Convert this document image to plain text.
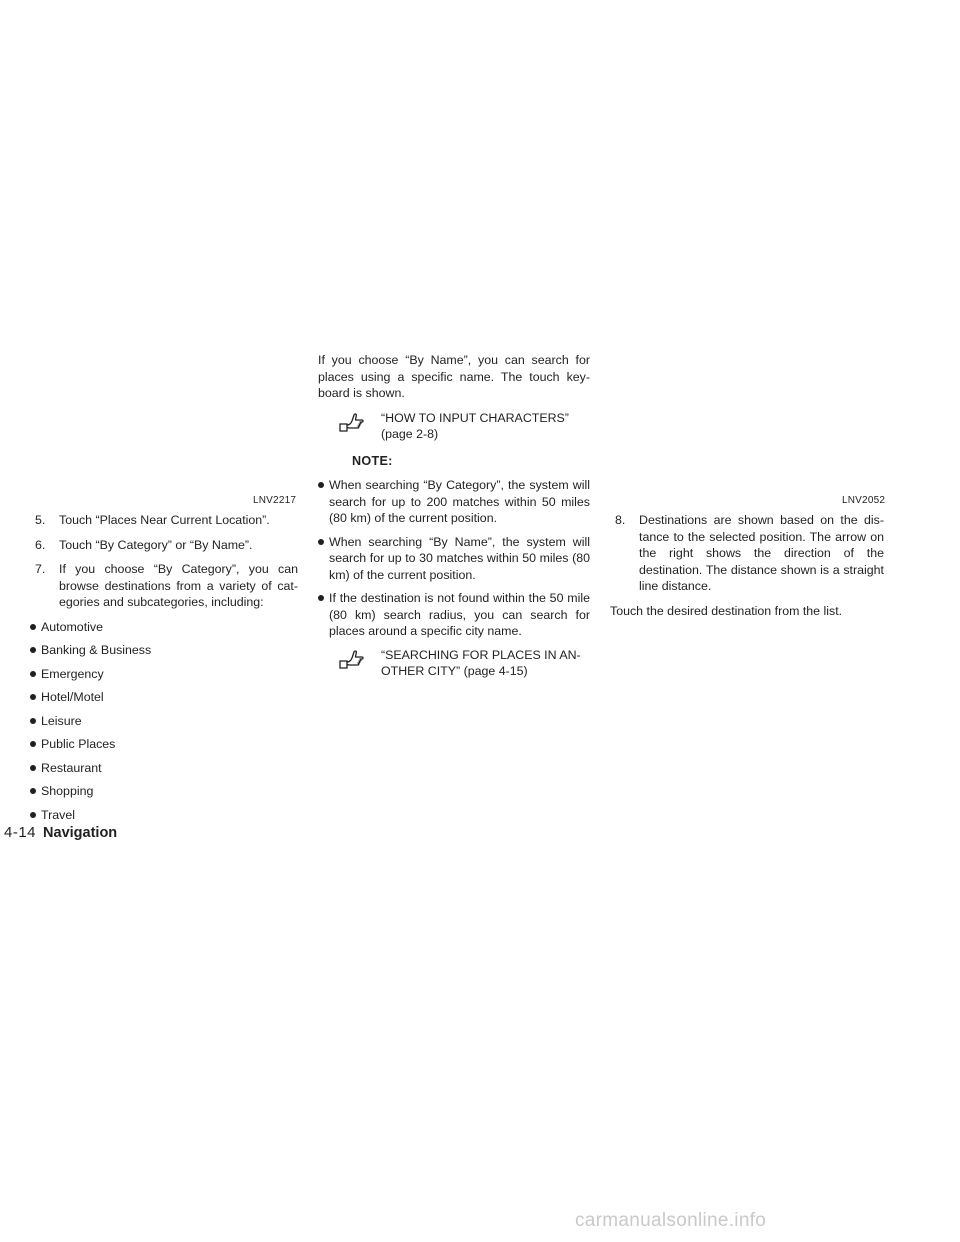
LNV2217	LNV2052
5. Touch “Places Near Current Location”.
6. Touch “By Category” or “By Name”.
7. If you choose “By Category”, you can browse destinations from a variety of cat-egories and subcategories, including:
Automotive
Banking & Business
Emergency
Hotel/Motel
Leisure
Public Places
Restaurant
Shopping
Travel
If you choose “By Name”, you can search for places using a specific name. The touch key-board is shown.
“HOW TO INPUT CHARACTERS” (page 2-8)
NOTE:
When searching “By Category”, the system will search for up to 200 matches within 50 miles (80 km) of the current position.
When searching “By Name”, the system will search for up to 30 matches within 50 miles (80 km) of the current position.
If the destination is not found within the 50 mile (80 km) search radius, you can search for places around a specific city name.
“SEARCHING FOR PLACES IN AN-OTHER CITY” (page 4-15)
8. Destinations are shown based on the dis-tance to the selected position. The arrow on the right shows the direction of the destination. The distance shown is a straight line distance.
Touch the desired destination from the list.
4-14 Navigation
carmanualsonline.info
